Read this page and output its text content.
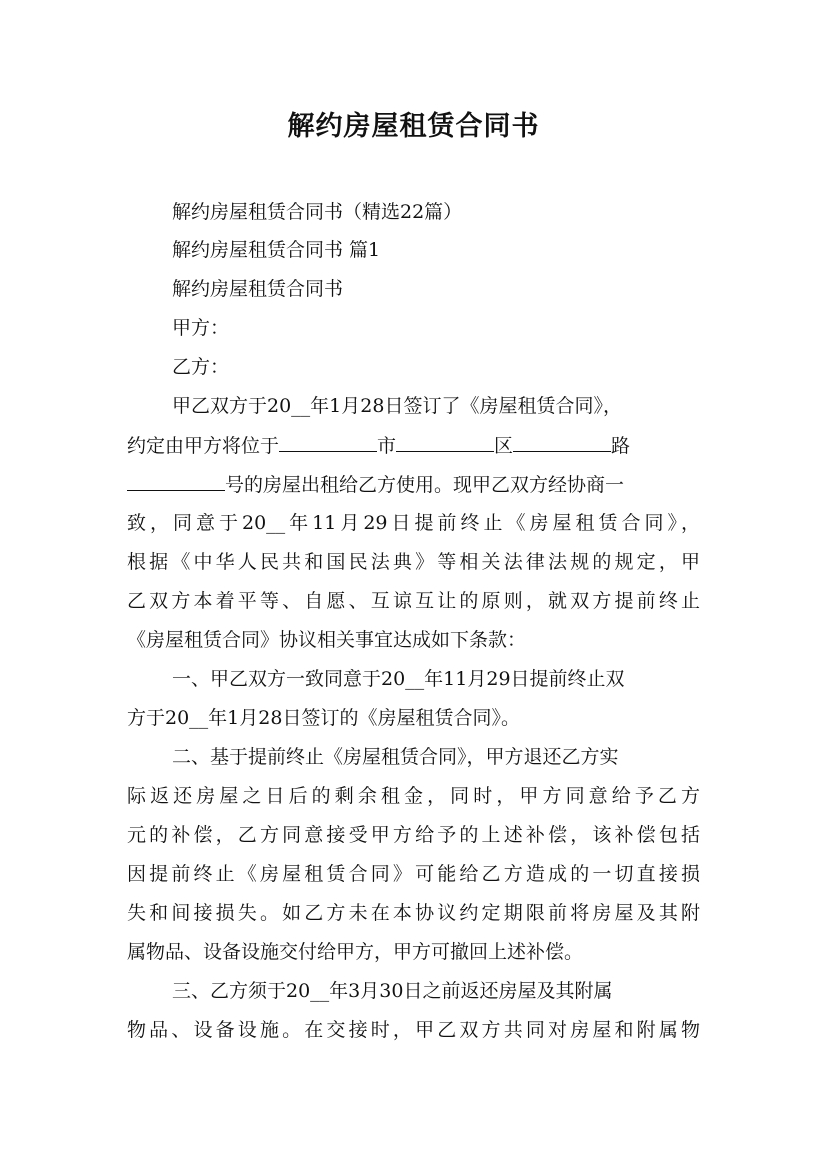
解约房屋租赁合同书
解约房屋租赁合同书（精选22篇）
解约房屋租赁合同书 篇1
解约房屋租赁合同书
甲方：
乙方：
甲乙双方于20__年1月28日签订了《房屋租赁合同》，
约定由甲方将位于	市	区	路
号的房屋出租给乙方使用。现甲乙双方经协商一
致，同意于20__年11月29日提前终止《房屋租赁合同》，
根据《中华人民共和国民法典》等相关法律法规的规定，甲
乙双方本着平等、自愿、互谅互让的原则，就双方提前终止
《房屋租赁合同》协议相关事宜达成如下条款：
一、甲乙双方一致同意于20__年11月29日提前终止双
方于20__年1月28日签订的《房屋租赁合同》。
二、基于提前终止《房屋租赁合同》，甲方退还乙方实
际返还房屋之日后的剩余租金，同时，甲方同意给予乙方
元的补偿，乙方同意接受甲方给予的上述补偿，该补偿包括
因提前终止《房屋租赁合同》可能给乙方造成的一切直接损
失和间接损失。如乙方未在本协议约定期限前将房屋及其附
属物品、设备设施交付给甲方，甲方可撤回上述补偿。
三、乙方须于20__年3月30日之前返还房屋及其附属
物品、设备设施。在交接时，甲乙双方共同对房屋和附属物
